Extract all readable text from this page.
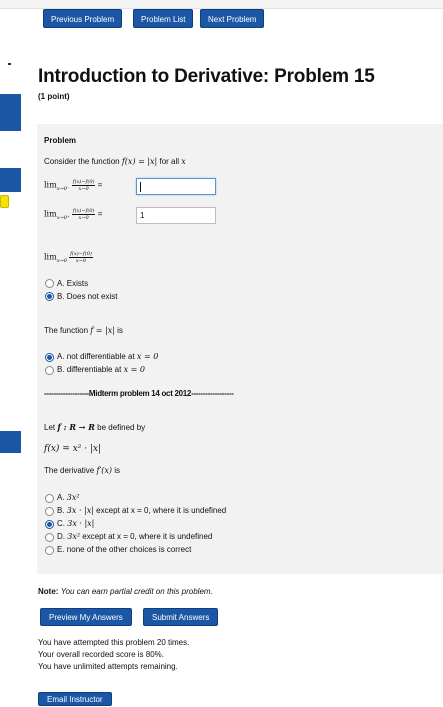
Previous Problem	Problem List	Next Problem
Introduction to Derivative: Problem 15
(1 point)
Problem
Consider the function f(x) = |x| for all x
$\lim_{x\to 0^-} \frac{f(x)-f(0)}{x-0}$ =
$\lim_{x\to 0^+} \frac{f(x)-f(0)}{x-0}$ =	1
$\lim_{x\to 0} \frac{f(x)-f(0)}{x-0}$
A. Exists
B. Does not exist
The function f = |x| is
A. not differentiable at x = 0
B. differentiable at x = 0
-------------------Midterm problem 14 oct 2012------------------
Let f : R → R be defined by
f(x) = x² · |x|
The derivative f′(x) is
A. 3x²
B. 3x · |x| except at x = 0, where it is undefined
C. 3x · |x|
D. 3x² except at x = 0, where it is undefined
E. none of the other choices is correct
Note: You can earn partial credit on this problem.
Preview My Answers	Submit Answers
You have attempted this problem 20 times.
Your overall recorded score is 80%.
You have unlimited attempts remaining.
Email Instructor
